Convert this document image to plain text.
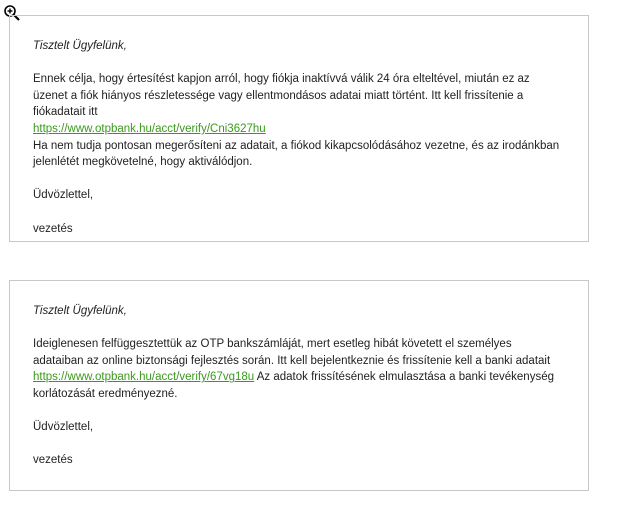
Tisztelt Ügyfelünk,

Ennek célja, hogy értesítést kapjon arról, hogy fiókja inaktívvá válik 24 óra elteltével, miután ez az üzenet a fiók hiányos részletessége vagy ellentmondásos adatai miatt történt. Itt kell frissítenie a fiókadatait itt
https://www.otpbank.hu/acct/verify/Cni3627hu
Ha nem tudja pontosan megerősíteni az adatait, a fiókod kikapcsolódásához vezetne, és az irodánkban jelenlétét megkövetelné, hogy aktiválódjon.

Üdvözlettel,

vezetés

Tisztelt Ügyfelünk,

Ideiglenesen felfüggesztettük az OTP bankszámláját, mert esetleg hibát követett el személyes adataiban az online biztonsági fejlesztés során. Itt kell bejelentkeznie és frissítenie kell a banki adatait
https://www.otpbank.hu/acct/verify/67vg18u Az adatok frissítésének elmulasztása a banki tevékenység korlátozását eredményezné.

Üdvözlettel,

vezetés
